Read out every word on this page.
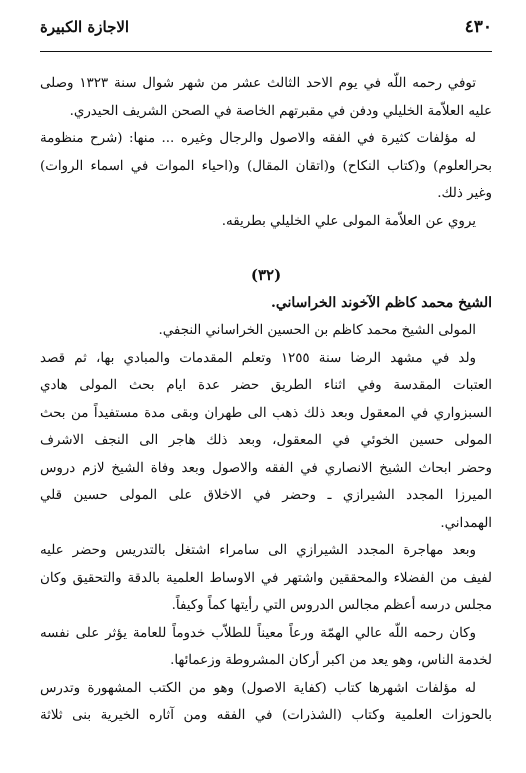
٤٣٠
الاجازة الكبيرة
توفي رحمه اللّه في يوم الاحد الثالث عشر من شهر شوال سنة ١٣٢٣ وصلى
عليه العلاّمة الخليلي ودفن في مقبرتهم الخاصة في الصحن الشريف الحيدري.
له مؤلفات كثيرة في الفقه والاصول والرجال وغيره ... منها: (شرح منظومة
بحرالعلوم) و(كتاب النكاح) و(اتقان المقال) و(احياء الموات في اسماء الروات)
وغير ذلك.
يروي عن العلاّمة المولى علي الخليلي بطريقه.
(٣٢)
الشيخ محمد كاظم الآخوند الخراساني.
المولى الشيخ محمد كاظم بن الحسين الخراساني النجفي.
ولد في مشهد الرضا سنة ١٢٥٥ وتعلم المقدمات والمبادي بها، ثم قصد
العتبات المقدسة وفي اثناء الطريق حضر عدة ايام بحث المولى هادي
السبزواري في المعقول وبعد ذلك ذهب الى طهران وبقى مدة مستفيداً من بحث
المولى حسين الخوئي في المعقول، وبعد ذلك هاجر الى النجف الاشرف
وحضر ابحاث الشيخ الانصاري في الفقه والاصول وبعد وفاة الشيخ لازم دروس
الميرزا المجدد الشيرازي ـ وحضر في الاخلاق على المولى حسين قلي
الهمداني.
وبعد مهاجرة المجدد الشيرازي الى سامراء اشتغل بالتدريس وحضر عليه
لفيف من الفضلاء والمحققين واشتهر في الاوساط العلمية بالدقة والتحقيق وكان
مجلس درسه أعظم مجالس الدروس التي رأيتها كماً وكيفاً.
وكان رحمه اللّه عالي الهمّة ورعاً معيناً للطلاّب خدوماً للعامة يؤثر على نفسه
لخدمة الناس، وهو يعد من اكبر أركان المشروطة وزعمائها.
له مؤلفات اشهرها كتاب (كفاية الاصول) وهو من الكتب المشهورة وتدرس
بالحوزات العلمية وكتاب (الشذرات) في الفقه ومن آثاره الخيرية بنى ثلاثة
